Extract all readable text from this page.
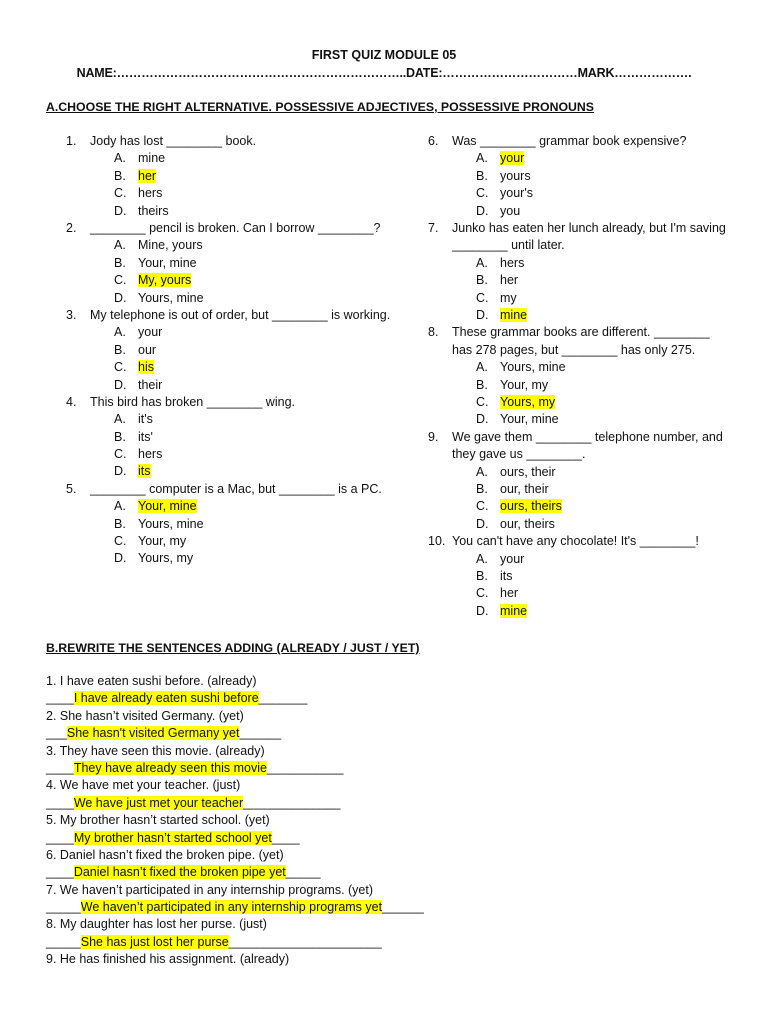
FIRST QUIZ MODULE 05
NAME:……………………………………………………………..DATE:……………………………MARK……………….
A.CHOOSE THE RIGHT ALTERNATIVE. POSSESSIVE ADJECTIVES, POSSESSIVE PRONOUNS
1. Jody has lost ________ book.
A. mine
B. her
C. hers
D. theirs
2. ________ pencil is broken. Can I borrow ________?
A. Mine, yours
B. Your, mine
C. My, yours
D. Yours, mine
3. My telephone is out of order, but ________ is working.
A. your
B. our
C. his
D. their
4. This bird has broken ________ wing.
A. it's
B. its'
C. hers
D. its
5. ________ computer is a Mac, but ________ is a PC.
A. Your, mine
B. Yours, mine
C. Your, my
D. Yours, my
6. Was ________ grammar book expensive?
A. your
B. yours
C. your's
D. you
7. Junko has eaten her lunch already, but I'm saving ________ until later.
A. hers
B. her
C. my
D. mine
8. These grammar books are different. ________ has 278 pages, but ________ has only 275.
A. Yours, mine
B. Your, my
C. Yours, my
D. Your, mine
9. We gave them ________ telephone number, and they gave us ________.
A. ours, their
B. our, their
C. ours, theirs
D. our, theirs
10. You can't have any chocolate! It's ________!
A. your
B. its
C. her
D. mine
B.REWRITE THE SENTENCES ADDING (ALREADY / JUST / YET)
1. I have eaten sushi before. (already)
____I have already eaten sushi before_______
2. She hasn’t visited Germany. (yet)
___She hasn't visited Germany yet______
3. They have seen this movie. (already)
____They have already seen this movie___________
4. We have met your teacher. (just)
____We have just met your teacher______________
5. My brother hasn’t started school. (yet)
____My brother hasn’t started school yet____
6. Daniel hasn’t fixed the broken pipe. (yet)
____Daniel hasn’t fixed the broken pipe yet_____
7. We haven’t participated in any internship programs. (yet)
_____We haven’t participated in any internship programs yet______
8. My daughter has lost her purse. (just)
_____She has just lost her purse______________________
9. He has finished his assignment. (already)
